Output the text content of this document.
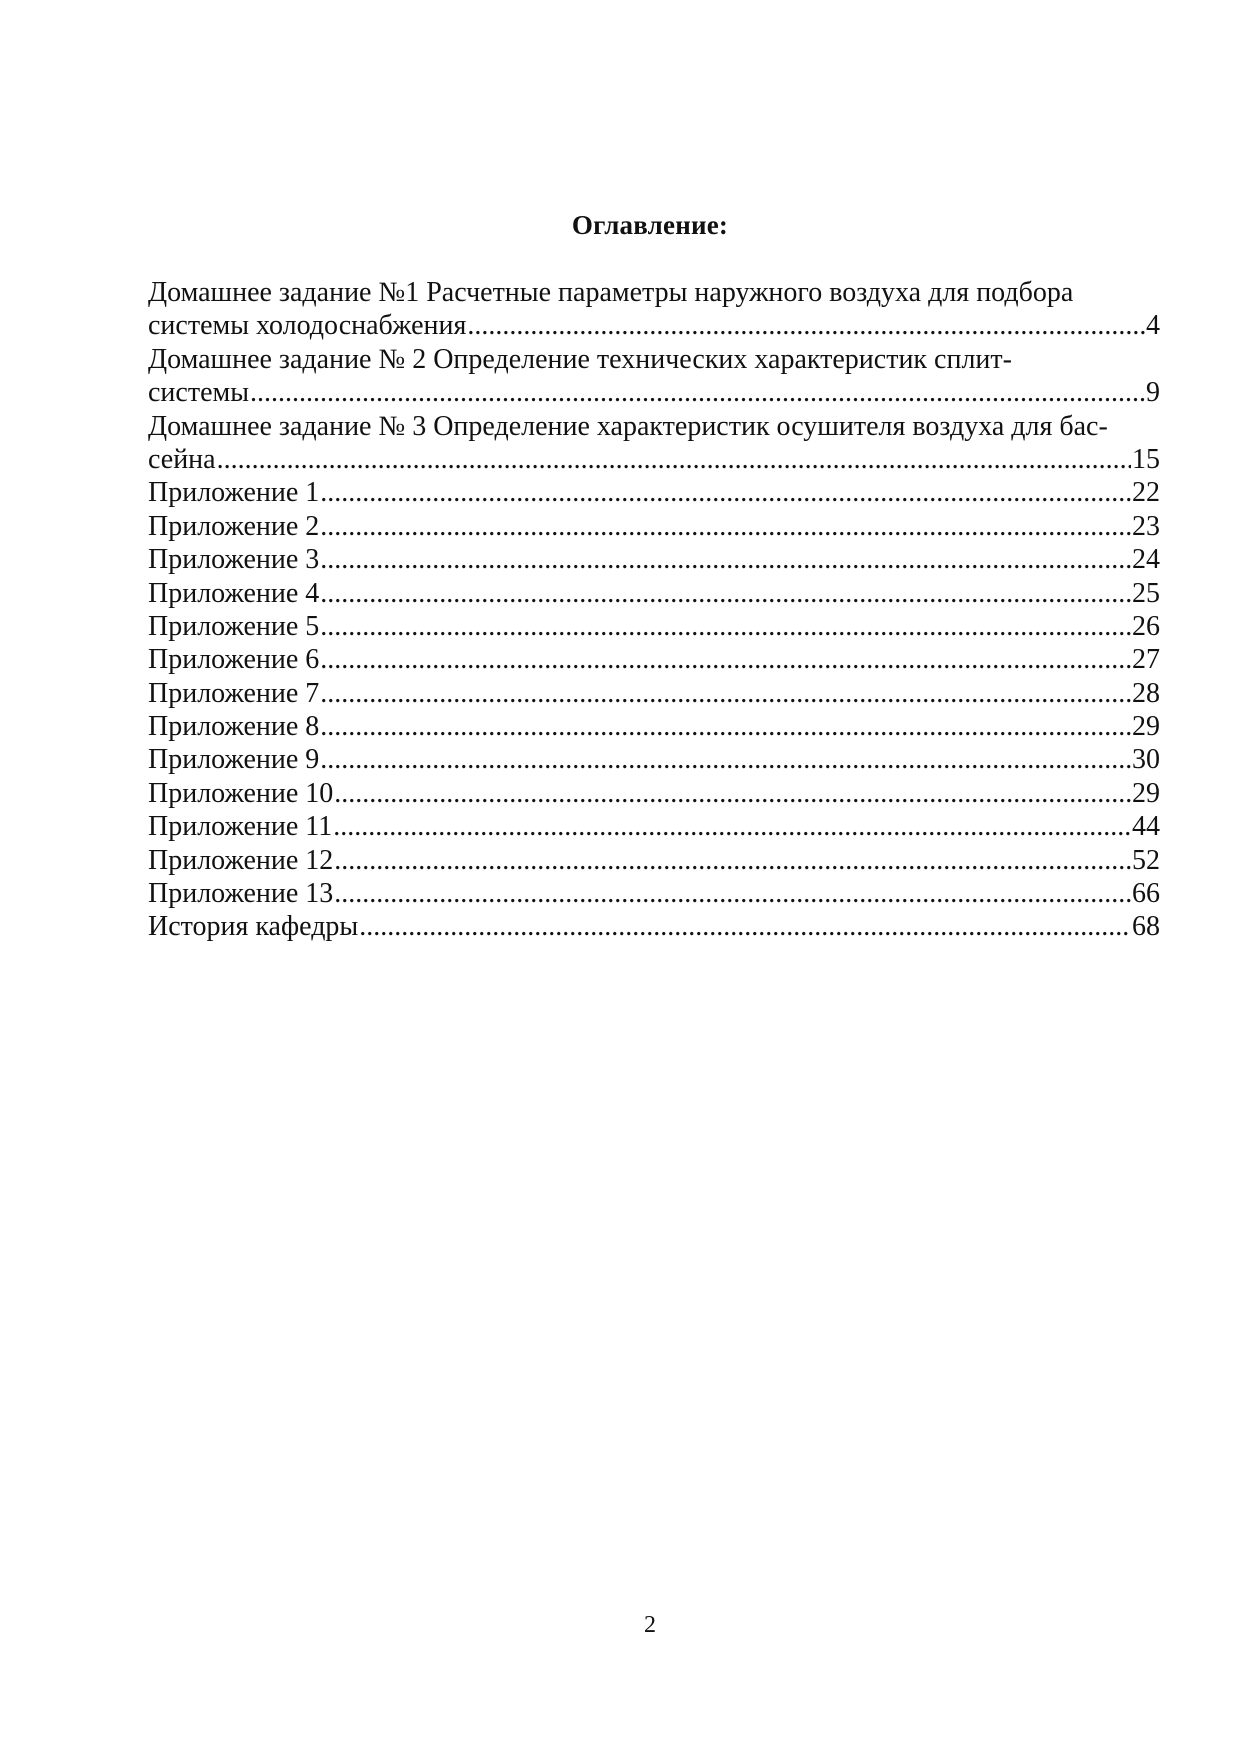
Оглавление:
Домашнее задание №1 Расчетные параметры наружного воздуха для подбора
системы холодоснабжения .....	4
Домашнее задание № 2 Определение технических характеристик сплит-
системы .....	9
Домашнее задание № 3 Определение характеристик осушителя воздуха для бас-
сейна .....	15
Приложение 1 .....	22
Приложение 2 .....	23
Приложение 3 .....	24
Приложение 4 .....	25
Приложение 5 .....	26
Приложение 6 .....	27
Приложение 7 .....	28
Приложение 8 .....	29
Приложение 9 .....	30
Приложение 10 .....	29
Приложение 11 .....	44
Приложение 12 .....	52
Приложение 13 .....	66
История кафедры .....	68
2
